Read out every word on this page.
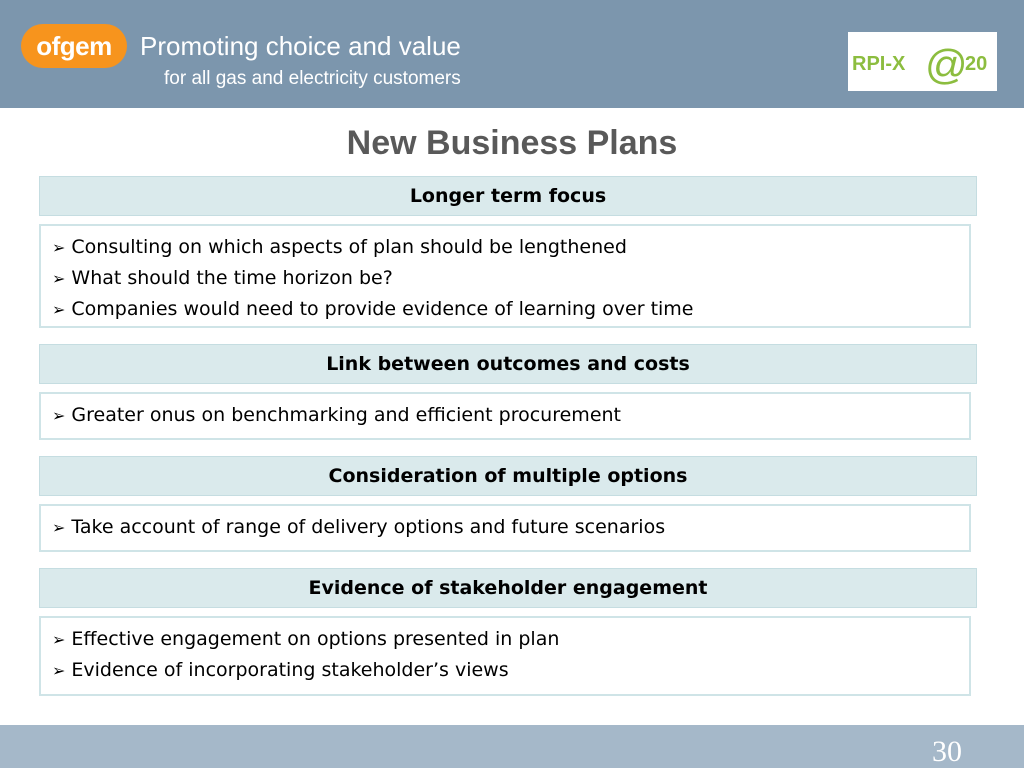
ofgem Promoting choice and value
for all gas and electricity customers
RPI-X @
20
New Business Plans
Longer term focus
➢ Consulting on which aspects of plan should be lengthened
➢ What should the time horizon be?
➢ Companies would need to provide evidence of learning over time
Link between outcomes and costs
➢ Greater onus on benchmarking and efficient procurement
Consideration of multiple options
➢ Take account of range of delivery options and future scenarios
Evidence of stakeholder engagement
➢ Effective engagement on options presented in plan
➢ Evidence of incorporating stakeholder’s views
30
